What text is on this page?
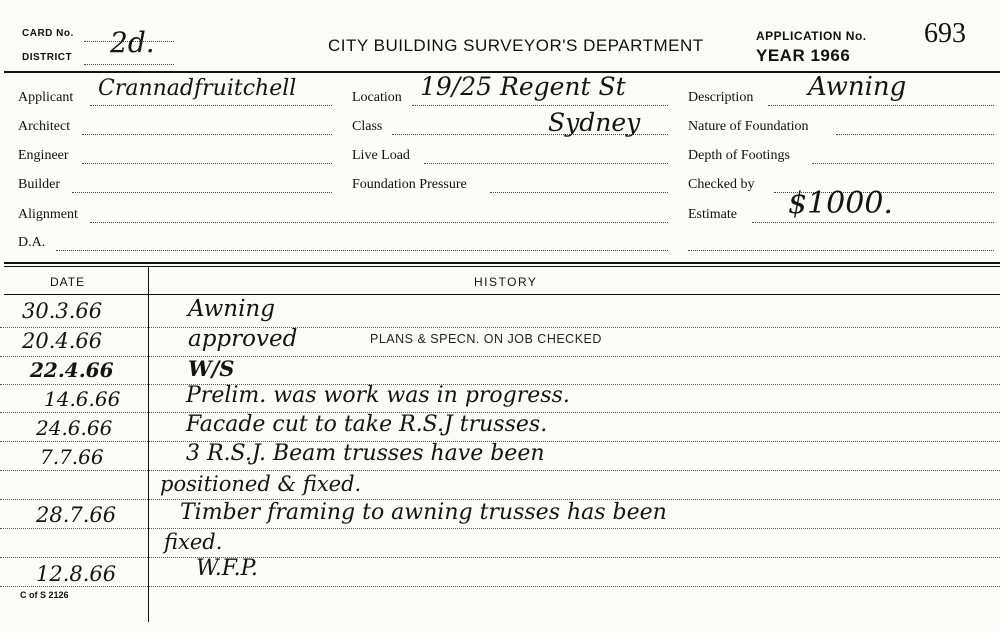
CARD No.
DISTRICT 2d.	CITY BUILDING SURVEYOR'S DEPARTMENT	APPLICATION No. 693
YEAR 1966
Applicant Crannadfruitchell
Architect
Engineer
Builder
Alignment
D.A.
Location 19/25 Regent St
Class	Sydney
Live Load
Foundation Pressure
Description Awning
Nature of Foundation
Depth of Footings
Checked by
Estimate $1000.
DATE	HISTORY
30.3.66	Awning
20.4.66	approved	PLANS & SPECN. ON JOB CHECKED
22.4.66	W/S
14.6.66	Prelim. was work was in progress.
24.6.66	Facade cut to take R.S.J trusses.
7.7.66	3 R.S.J. Beam trusses have been
positioned & fixed.
28.7.66	Timber framing to awning trusses has been
fixed.
12.8.66	W.F.P.
C of S 2126
